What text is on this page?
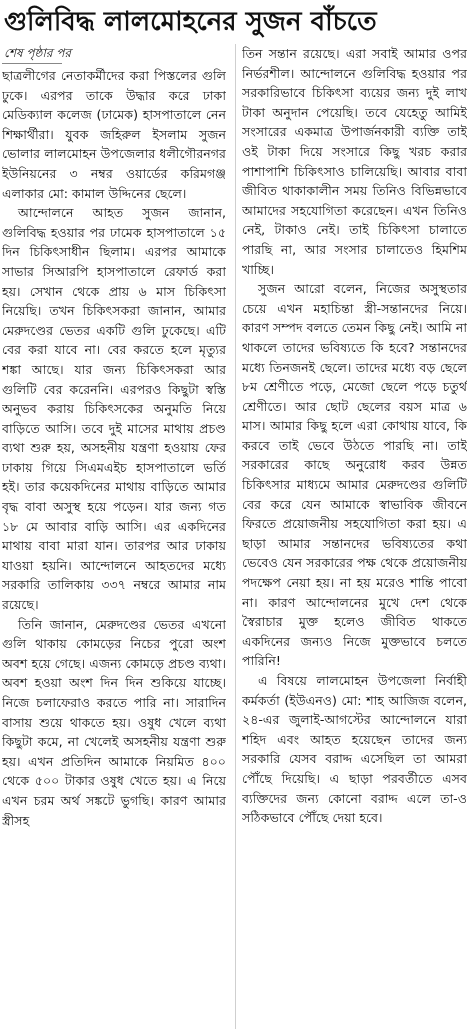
গুলিবিদ্ধ লালমোহনের সুজন বাঁচতে
শেষ পৃষ্ঠার পর

ছাত্রলীগের নেতাকর্মীদের করা পিস্তলের গুলি ঢুকে। এরপর তাকে উদ্ধার করে ঢাকা মেডিক্যাল কলেজ (ঢামেক) হাসপাতালে নেন শিক্ষার্থীরা। যুবক জহিরুল ইসলাম সুজন ভোলার লালমোহন উপজেলার ধলীগৌরনগর ইউনিয়নের ৩ নম্বর ওয়ার্ডের করিমগঞ্জ এলাকার মো: কামাল উদ্দিনের ছেলে।

আন্দোলনে আহত সুজন জানান, গুলিবিদ্ধ হওয়ার পর ঢামেক হাসপাতালে ১৫ দিন চিকিৎসাধীন ছিলাম। এরপর আমাকে সাভার সিআরপি হাসপাতালে রেফার্ড করা হয়। সেখান থেকে প্রায় ৬ মাস চিকিৎসা নিয়েছি। তখন চিকিৎসকরা জানান, আমার মেরুদণ্ডের ভেতর একটি গুলি ঢুকেছে। এটি বের করা যাবে না। বের করতে হলে মৃত্যুর শঙ্কা আছে। যার জন্য চিকিৎসকরা আর গুলিটি বের করেননি। এরপরও কিছুটা স্বস্তি অনুভব করায় চিকিৎসকের অনুমতি নিয়ে বাড়িতে আসি। তবে দুই মাসের মাথায় প্রচণ্ড ব্যথা শুরু হয়, অসহনীয় যন্ত্রণা হওয়ায় ফের ঢাকায় গিয়ে সিএমএইচ হাসপাতালে ভর্তি হই। তার কয়েকদিনের মাথায় বাড়িতে আমার বৃদ্ধ বাবা অসুস্থ হয়ে পড়েন। যার জন্য গত ১৮ মে আবার বাড়ি আসি। এর একদিনের মাথায় বাবা মারা যান। তারপর আর ঢাকায় যাওয়া হয়নি। আন্দোলনে আহতদের মধ্যে সরকারি তালিকায় ৩৩৭ নম্বরে আমার নাম রয়েছে।

তিনি জানান, মেরুদণ্ডের ভেতর এখনো গুলি থাকায় কোমড়ের নিচের পুরো অংশ অবশ হয়ে গেছে। এজন্য কোমড়ে প্রচণ্ড ব্যথা। অবশ হওয়া অংশ দিন দিন শুকিয়ে যাচ্ছে। নিজে চলাফেরাও করতে পারি না। সারাদিন বাসায় শুয়ে থাকতে হয়। ওষুধ খেলে ব্যথা কিছুটা কমে, না খেলেই অসহনীয় যন্ত্রণা শুরু হয়। এখন প্রতিদিন আমাকে নিয়মিত ৪০০ থেকে ৫০০ টাকার ওষুধ খেতে হয়। এ নিয়ে এখন চরম অর্থ সঙ্কটে ভুগছি। কারণ আমার স্ত্রীসহ

তিন সন্তান রয়েছে। এরা সবাই আমার ওপর নির্ভরশীল। আন্দোলনে গুলিবিদ্ধ হওয়ার পর সরকারিভাবে চিকিৎসা ব্যয়ের জন্য দুই লাখ টাকা অনুদান পেয়েছি। তবে যেহেতু আমিই সংসারের একমাত্র উপার্জনকারী ব্যক্তি তাই ওই টাকা দিয়ে সংসারে কিছু খরচ করার পাশাপাশি চিকিৎসাও চালিয়েছি। আবার বাবা জীবিত থাকাকালীন সময় তিনিও বিভিন্নভাবে আমাদের সহযোগিতা করেছেন। এখন তিনিও নেই, টাকাও নেই। তাই চিকিৎসা চালাতে পারছি না, আর সংসার চালাতেও হিমশিম খাচ্ছি।

সুজন আরো বলেন, নিজের অসুস্থতার চেয়ে এখন মহাচিন্তা স্ত্রী-সন্তানদের নিয়ে। কারণ সম্পদ বলতে তেমন কিছু নেই। আমি না থাকলে তাদের ভবিষ্যতে কি হবে? সন্তানদের মধ্যে তিনজনই ছেলে। তাদের মধ্যে বড় ছেলে ৮ম শ্রেণীতে পড়ে, মেজো ছেলে পড়ে চতুর্থ শ্রেণীতে। আর ছোট ছেলের বয়স মাত্র ৬ মাস। আমার কিছু হলে এরা কোথায় যাবে, কি করবে তাই ভেবে উঠতে পারছি না। তাই সরকারের কাছে অনুরোধ করব উন্নত চিকিৎসার মাধ্যমে আমার মেরুদণ্ডের গুলিটি বের করে যেন আমাকে স্বাভাবিক জীবনে ফিরতে প্রয়োজনীয় সহযোগিতা করা হয়। এ ছাড়া আমার সন্তানদের ভবিষ্যতের কথা ভেবেও যেন সরকারের পক্ষ থেকে প্রয়োজনীয় পদক্ষেপ নেয়া হয়। না হয় মরেও শান্তি পাবো না। কারণ আন্দোলনের মুখে দেশ থেকে স্বৈরাচার মুক্ত হলেও জীবিত থাকতে একদিনের জন্যও নিজে মুক্তভাবে চলতে পারিনি!

এ বিষয়ে লালমোহন উপজেলা নির্বাহী কর্মকর্তা (ইউএনও) মো: শাহ আজিজ বলেন, ২৪-এর জুলাই-আগস্টের আন্দোলনে যারা শহিদ এবং আহত হয়েছেন তাদের জন্য সরকারি যেসব বরাদ্দ এসেছিল তা আমরা পৌঁছে দিয়েছি। এ ছাড়া পরবর্তীতে এসব ব্যক্তিদের জন্য কোনো বরাদ্দ এলে তা-ও সঠিকভাবে পৌঁছে দেয়া হবে।
